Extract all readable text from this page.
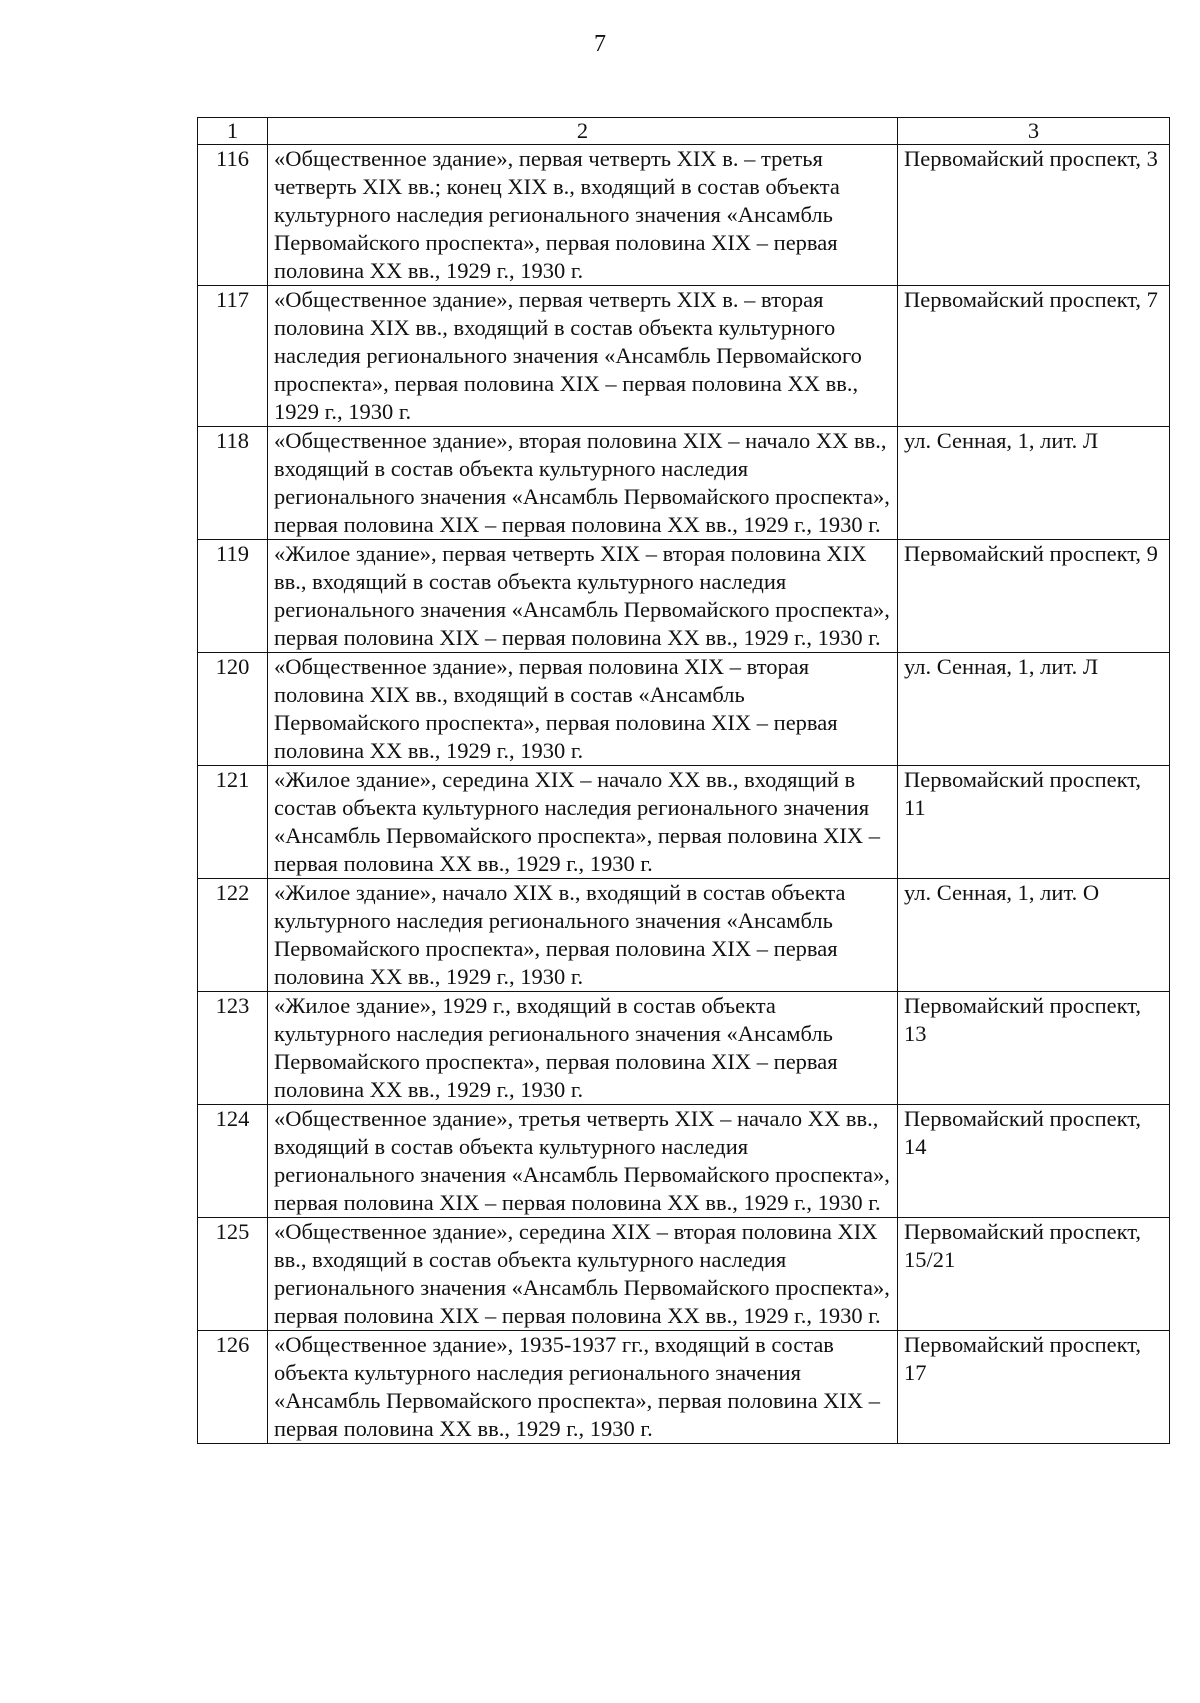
7
1	2	3
116	«Общественное здание», первая четверть XIX в. – третья четверть XIX вв.; конец XIX в., входящий в состав объекта культурного наследия регионального значения «Ансамбль Первомайского проспекта», первая половина XIX – первая половина XX вв., 1929 г., 1930 г.	Первомайский проспект, 3
117	«Общественное здание», первая четверть XIX в. – вторая половина XIX вв., входящий в состав объекта культурного наследия регионального значения «Ансамбль Первомайского проспекта», первая половина XIX – первая половина XX вв., 1929 г., 1930 г.	Первомайский проспект, 7
118	«Общественное здание», вторая половина XIX – начало XX вв., входящий в состав объекта культурного наследия регионального значения «Ансамбль Первомайского проспекта», первая половина XIX – первая половина XX вв., 1929 г., 1930 г.	ул. Сенная, 1, лит. Л
119	«Жилое здание», первая четверть XIX – вторая половина XIX вв., входящий в состав объекта культурного наследия регионального значения «Ансамбль Первомайского проспекта», первая половина XIX – первая половина XX вв., 1929 г., 1930 г.	Первомайский проспект, 9
120	«Общественное здание», первая половина XIX – вторая половина XIX вв., входящий в состав «Ансамбль Первомайского проспекта», первая половина XIX – первая половина XX вв., 1929 г., 1930 г.	ул. Сенная, 1, лит. Л
121	«Жилое здание», середина XIX – начало XX вв., входящий в состав объекта культурного наследия регионального значения «Ансамбль Первомайского проспекта», первая половина XIX – первая половина XX вв., 1929 г., 1930 г.	Первомайский проспект, 11
122	«Жилое здание», начало XIX в., входящий в состав объекта культурного наследия регионального значения «Ансамбль Первомайского проспекта», первая половина XIX – первая половина XX вв., 1929 г., 1930 г.	ул. Сенная, 1, лит. О
123	«Жилое здание», 1929 г., входящий в состав объекта культурного наследия регионального значения «Ансамбль Первомайского проспекта», первая половина XIX – первая половина XX вв., 1929 г., 1930 г.	Первомайский проспект, 13
124	«Общественное здание», третья четверть XIX – начало XX вв., входящий в состав объекта культурного наследия регионального значения «Ансамбль Первомайского проспекта», первая половина XIX – первая половина XX вв., 1929 г., 1930 г.	Первомайский проспект, 14
125	«Общественное здание», середина XIX – вторая половина XIX вв., входящий в состав объекта культурного наследия регионального значения «Ансамбль Первомайского проспекта», первая половина XIX – первая половина XX вв., 1929 г., 1930 г.	Первомайский проспект, 15/21
126	«Общественное здание», 1935-1937 гг., входящий в состав объекта культурного наследия регионального значения «Ансамбль Первомайского проспекта», первая половина XIX – первая половина XX вв., 1929 г., 1930 г.	Первомайский проспект, 17
